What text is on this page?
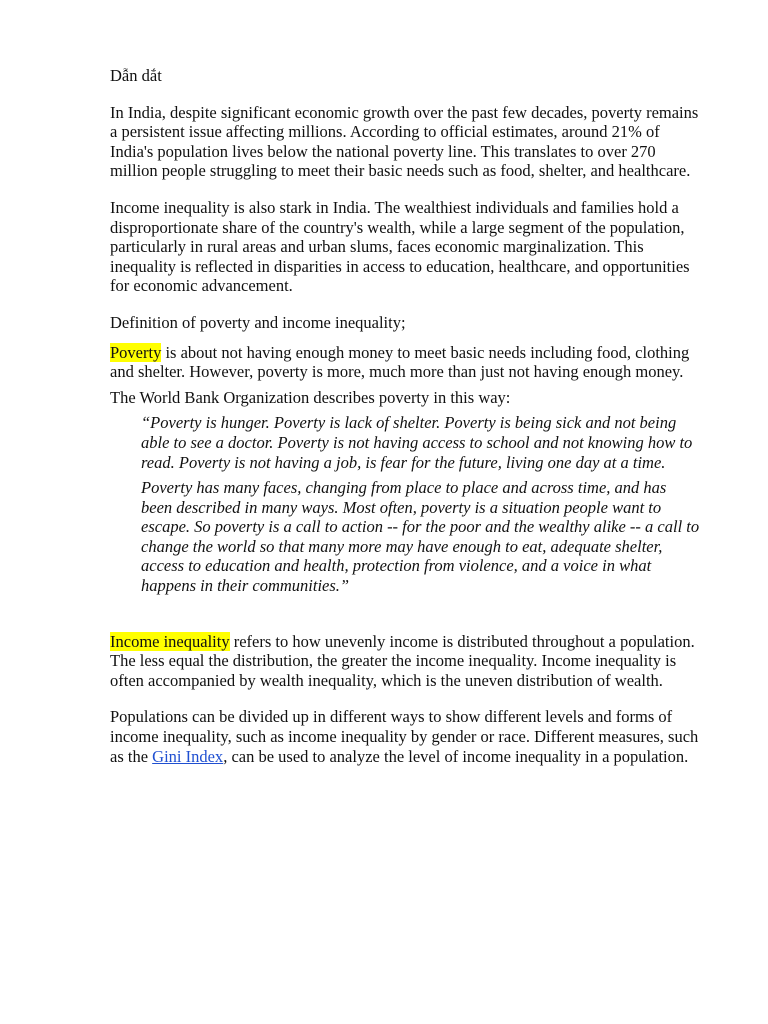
Dẫn dắt

In India, despite significant economic growth over the past few decades, poverty remains a persistent issue affecting millions. According to official estimates, around 21% of India's population lives below the national poverty line. This translates to over 270 million people struggling to meet their basic needs such as food, shelter, and healthcare.

Income inequality is also stark in India. The wealthiest individuals and families hold a disproportionate share of the country's wealth, while a large segment of the population, particularly in rural areas and urban slums, faces economic marginalization. This inequality is reflected in disparities in access to education, healthcare, and opportunities for economic advancement.

Definition of poverty and income inequality;

Poverty is about not having enough money to meet basic needs including food, clothing and shelter. However, poverty is more, much more than just not having enough money.

The World Bank Organization describes poverty in this way:

“Poverty is hunger. Poverty is lack of shelter. Poverty is being sick and not being able to see a doctor. Poverty is not having access to school and not knowing how to read. Poverty is not having a job, is fear for the future, living one day at a time.

Poverty has many faces, changing from place to place and across time, and has been described in many ways. Most often, poverty is a situation people want to escape. So poverty is a call to action -- for the poor and the wealthy alike -- a call to change the world so that many more may have enough to eat, adequate shelter, access to education and health, protection from violence, and a voice in what happens in their communities.”

Income inequality refers to how unevenly income is distributed throughout a population. The less equal the distribution, the greater the income inequality. Income inequality is often accompanied by wealth inequality, which is the uneven distribution of wealth.

Populations can be divided up in different ways to show different levels and forms of income inequality, such as income inequality by gender or race. Different measures, such as the Gini Index, can be used to analyze the level of income inequality in a population.
